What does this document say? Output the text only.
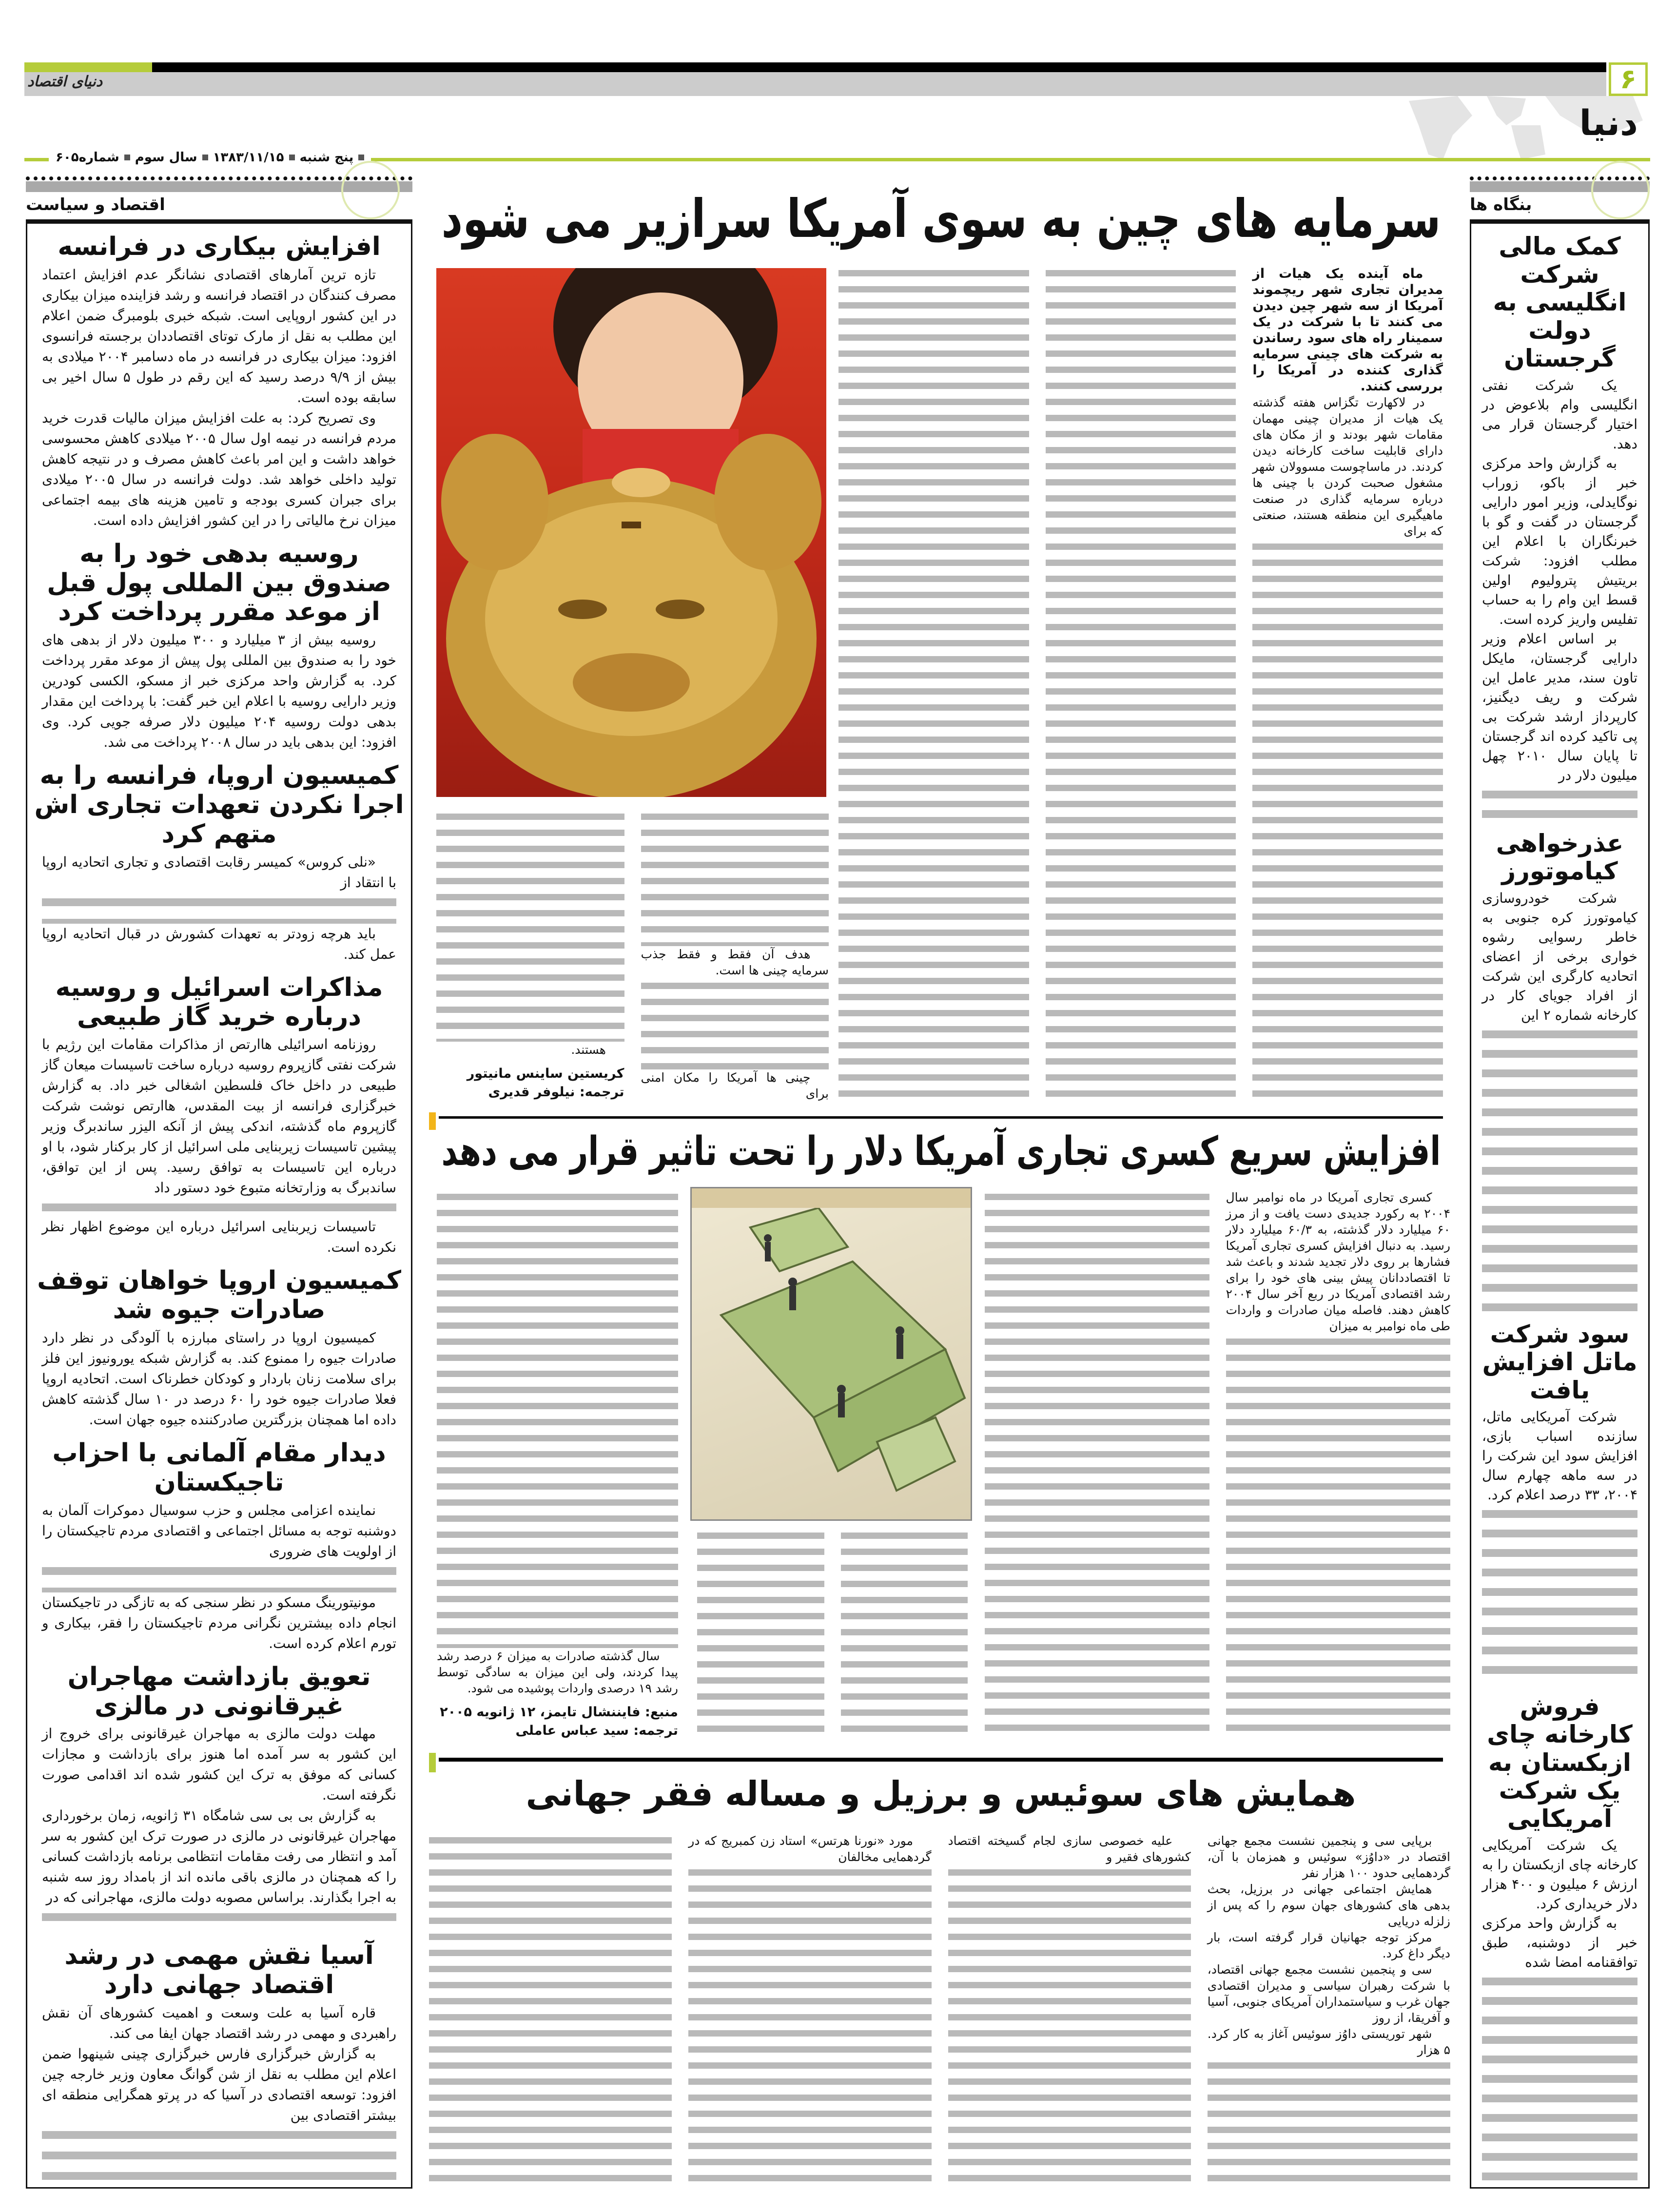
۶
دنیای اقتصاد
دنیا
پنج شنبه
۱۳۸۳/۱۱/۱۵
سال سوم
شماره۶۰۵
اقتصاد و سیاست
افزایش بیکاری در فرانسه

تازه ترین آمارهای اقتصادی نشانگر عدم افزایش اعتماد مصرف کنندگان در اقتصاد فرانسه و رشد فزاینده میزان بیکاری در این کشور اروپایی است. شبکه خبری بلومبرگ ضمن اعلام این مطلب به نقل از مارک توتای اقتصاددان برجسته فرانسوی افزود: میزان بیکاری در فرانسه در ماه دسامبر ۲۰۰۴ میلادی به بیش از ۹/۹ درصد رسید که این رقم در طول ۵ سال اخیر بی سابقه بوده است.

وی تصریح کرد: به علت افزایش میزان مالیات قدرت خرید مردم فرانسه در نیمه اول سال ۲۰۰۵ میلادی کاهش محسوسی خواهد داشت و این امر باعث کاهش مصرف و در نتیجه کاهش تولید داخلی خواهد شد. دولت فرانسه در سال ۲۰۰۵ میلادی برای جبران کسری بودجه و تامین هزینه های بیمه اجتماعی میزان نرخ مالیاتی را در این کشور افزایش داده است.

روسیه بدهی خود را به صندوق بین المللی پول قبل از موعد مقرر پرداخت کرد

روسیه بیش از ۳ میلیارد و ۳۰۰ میلیون دلار از بدهی های خود را به صندوق بین المللی پول پیش از موعد مقرر پرداخت کرد. به گزارش واحد مرکزی خبر از مسکو، الکسی کودرین وزیر دارایی روسیه با اعلام این خبر گفت: با پرداخت این مقدار بدهی دولت روسیه ۲۰۴ میلیون دلار صرفه جویی کرد. وی افزود: این بدهی باید در سال ۲۰۰۸ پرداخت می شد.

کمیسیون اروپا، فرانسه را به اجرا نکردن تعهدات تجاری اش متهم کرد

«نلی کروس» کمیسر رقابت اقتصادی و تجاری اتحادیه اروپا با انتقاد از

باید هرچه زودتر به تعهدات کشورش در قبال اتحادیه اروپا عمل کند.

مذاکرات اسرائیل و روسیه درباره خرید گاز طبیعی

روزنامه اسرائیلی هاارتص از مذاکرات مقامات این رژیم با شرکت نفتی گازپروم روسیه درباره ساخت تاسیسات میعان گاز طبیعی در داخل خاک فلسطین اشغالی خبر داد. به گزارش خبرگزاری فرانسه از بیت المقدس، هاارتص نوشت شرکت گازپروم ماه گذشته، اندکی پیش از آنکه الیزر ساندبرگ وزیر پیشین تاسیسات زیربنایی ملی اسرائیل از کار برکنار شود، با او درباره این تاسیسات به توافق رسید. پس از این توافق، ساندبرگ به وزارتخانه متبوع خود دستور داد

تاسیسات زیربنایی اسرائیل درباره این موضوع اظهار نظر نکرده است.

کمیسیون اروپا خواهان توقف صادرات جیوه شد

کمیسیون اروپا در راستای مبارزه با آلودگی در نظر دارد صادرات جیوه را ممنوع کند. به گزارش شبکه یورونیوز این فلز برای سلامت زنان باردار و کودکان خطرناک است. اتحادیه اروپا فعلا صادرات جیوه خود را ۶۰ درصد در ۱۰ سال گذشته کاهش داده اما همچنان بزرگترین صادرکننده جیوه جهان است.

دیدار مقام آلمانی با احزاب تاجیکستان

نماینده اعزامی مجلس و حزب سوسیال دموکرات آلمان به دوشنبه توجه به مسائل اجتماعی و اقتصادی مردم تاجیکستان را از اولویت های ضروری

مونیتورینگ مسکو در نظر سنجی که به تازگی در تاجیکستان انجام داده بیشترین نگرانی مردم تاجیکستان را فقر، بیکاری و تورم اعلام کرده است.

تعویق بازداشت مهاجران غیرقانونی در مالزی

مهلت دولت مالزی به مهاجران غیرقانونی برای خروج از این کشور به سر آمده اما هنوز برای بازداشت و مجازات کسانی که موفق به ترک این کشور شده اند اقدامی صورت نگرفته است.

به گزارش بی بی سی شامگاه ۳۱ ژانویه، زمان برخورداری مهاجران غیرقانونی در مالزی در صورت ترک این کشور به سر آمد و انتظار می رفت مقامات انتظامی برنامه بازداشت کسانی را که همچنان در مالزی باقی مانده اند از بامداد روز سه شنبه به اجرا بگذارند. براساس مصوبه دولت مالزی، مهاجرانی که در

آسیا نقش مهمی در رشد اقتصاد جهانی دارد

قاره آسیا به علت وسعت و اهمیت کشورهای آن نقش راهبردی و مهمی در رشد اقتصاد جهان ایفا می کند.

به گزارش خبرگزاری فارس خبرگزاری چینی شینهوا ضمن اعلام این مطلب به نقل از شن گوانگ معاون وزیر خارجه چین افزود: توسعه اقتصادی در آسیا که در پرتو همگرایی منطقه ای بیشتر اقتصادی بین

بنگاه ها
کمک مالی شرکت انگلیسی به دولت گرجستان

یک شرکت نفتی انگلیسی وام بلاعوض در اختیار گرجستان قرار می دهد.

به گزارش واحد مرکزی خبر از باکو، زوراب نوگایدلی، وزیر امور دارایی گرجستان در گفت و گو با خبرنگاران با اعلام این مطلب افزود: شرکت بریتیش پترولیوم اولین قسط این وام را به حساب تفلیس واریز کرده است.

بر اساس اعلام وزیر دارایی گرجستان، مایکل تاون سند، مدیر عامل این شرکت و ریف دیگنیز، کارپرداز ارشد شرکت بی پی تاکید کرده اند گرجستان تا پایان سال ۲۰۱۰ چهل میلیون دلار در

عذرخواهی کیاموتورز

شرکت خودروسازی کیاموتورز کره جنوبی به خاطر رسوایی رشوه خواری برخی از اعضای اتحادیه کارگری این شرکت از افراد جویای کار در کارخانه شماره ۲ این

سود شرکت ماتل افزایش یافت

شرکت آمریکایی ماتل، سازنده اسباب بازی، افزایش سود این شرکت را در سه ماهه چهارم سال ۲۰۰۴، ۳۳ درصد اعلام کرد.

فروش کارخانه چای ازبکستان به یک شرکت آمریکایی

یک شرکت آمریکایی کارخانه چای ازبکستان را به ارزش ۶ میلیون و ۴۰۰ هزار دلار خریداری کرد.

به گزارش واحد مرکزی خبر از دوشنبه، طبق توافقنامه امضا شده

سرمایه های چین به سوی آمریکا سرازیر می شود

ماه آینده یک هیات از مدیران تجاری شهر ریچموند آمریکا از سه شهر چین دیدن می کنند تا با شرکت در یک سمینار راه های سود رساندن به شرکت های چینی سرمایه گذاری کننده در آمریکا را بررسی کنند.

در لاکهارت تگزاس هفته گذشته یک هیات از مدیران چینی مهمان مقامات شهر بودند و از مکان های دارای قابلیت ساخت کارخانه دیدن کردند. در ماساچوست مسوولان شهر مشغول صحبت کردن با چینی ها درباره سرمایه گذاری در صنعت ماهیگیری این منطقه هستند، صنعتی که برای

هدف آن فقط و فقط جذب سرمایه چینی ها است.

چینی ها آمریکا را مکان امنی برای

هستند.

کریستین ساینس مانیتور
ترجمه: نیلوفر قدیری
افزایش سریع کسری تجاری آمریکا دلار را تحت تاثیر قرار می دهد

کسری تجاری آمریکا در ماه نوامبر سال ۲۰۰۴ به رکورد جدیدی دست یافت و از مرز ۶۰ میلیارد دلار گذشته، به ۶۰/۳ میلیارد دلار رسید. به دنبال افزایش کسری تجاری آمریکا فشارها بر روی دلار تجدید شدند و باعث شد تا اقتصاددانان پیش بینی های خود را برای رشد اقتصادی آمریکا در ربع آخر سال ۲۰۰۴ کاهش دهند. فاصله میان صادرات و واردات طی ماه نوامبر به میزان

سال گذشته صادرات به میزان ۶ درصد رشد پیدا کردند، ولی این میزان به سادگی توسط رشد ۱۹ درصدی واردات پوشیده می شود.

منبع: فایننشال تایمز، ۱۲ ژانویه ۲۰۰۵
ترجمه: سید عباس عاملی
همایش های سوئیس و برزیل و مساله فقر جهانی

برپایی سی و پنجمین نشست مجمع جهانی اقتصاد در «داوُز» سوئیس و همزمان با آن، گردهمایی حدود ۱۰۰ هزار نفر

همایش اجتماعی جهانی در برزیل، بحث بدهی های کشورهای جهان سوم را که پس از زلزله دریایی

مرکز توجه جهانیان قرار گرفته است، بار دیگر داغ کرد.

سی و پنجمین نشست مجمع جهانی اقتصاد، با شرکت رهبران سیاسی و مدیران اقتصادی جهان غرب و سیاستمداران آمریکای جنوبی، آسیا و آفریقا، از روز

شهر توریستی داوُز سوئیس آغاز به کار کرد. ۵ هزار

علیه خصوصی سازی لجام گسیخته اقتصاد کشورهای فقیر و

مورد «نورنا هرتس» استاد زن کمبریج که در گردهمایی مخالفان
